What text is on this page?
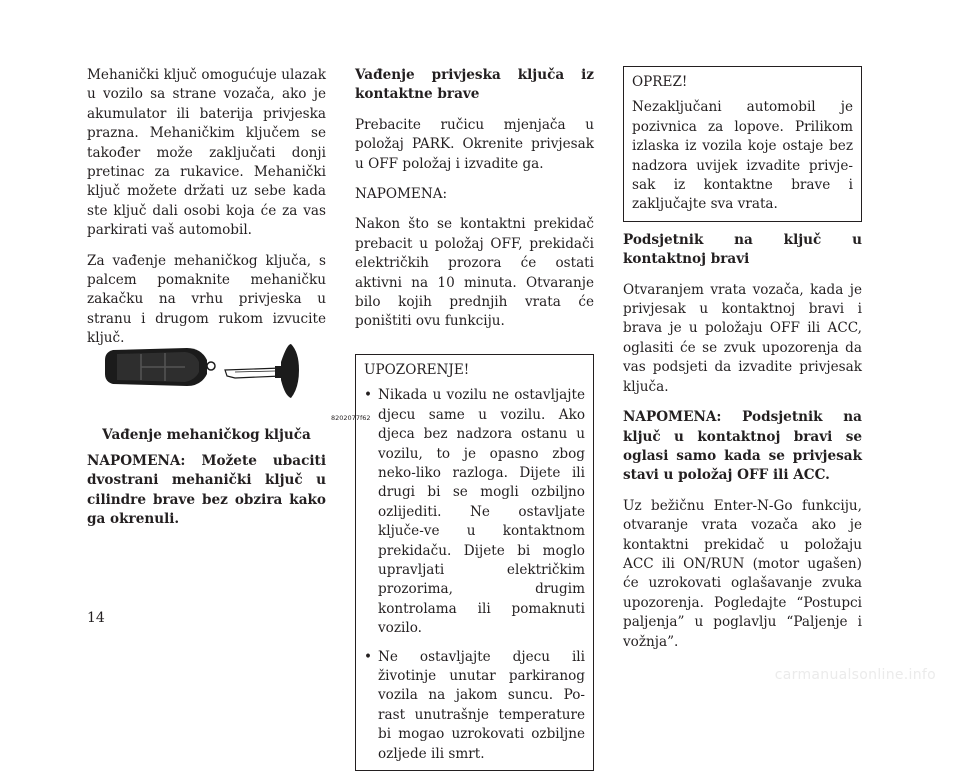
Mehanički ključ omogućuje ulazak u vozilo sa strane vozača, ako je akumulator ili baterija privjeska prazna. Mehaničkim ključem se također može zaključati donji pretinac za rukavice. Mehanički ključ možete držati uz sebe kada ste ključ dali osobi koja će za vas parkirati vaš automobil.

Za vađenje mehaničkog ključa, s palcem pomaknite mehaničku zakačku na vrhu privjeska u stranu i drugom rukom izvucite ključ.

8202077f62
Vađenje mehaničkog ključa

NAPOMENA: Možete ubaciti dvostrani mehanički ključ u cilindre brave bez obzira kako ga okrenuli.

Vađenje privjeska ključa iz kontaktne brave

Prebacite ručicu mjenjača u položaj PARK. Okrenite privjesak u OFF položaj i izvadite ga.

NAPOMENA:

Nakon što se kontaktni prekidač prebacit u položaj OFF, prekidači električkih prozora će ostati aktivni na 10 minuta. Otvaranje bilo kojih prednjih vrata će poništiti ovu funkciju.

UPOZORENJE!

• Nikada u vozilu ne ostavljajte djecu same u vozilu. Ako djeca bez nadzora ostanu u vozilu, to je opasno zbog neko-liko razloga. Dijete ili drugi bi se mogli ozbiljno ozlijediti. Ne ostavljate ključe-ve u kontaktnom prekidaču. Dijete bi moglo upravljati električkim prozorima, drugim kontrolama ili pomaknuti vozilo.
• Ne ostavljajte djecu ili životinje unutar parkiranog vozila na jakom suncu. Po-rast unutrašnje temperature bi mogao uzrokovati ozbiljne ozljede ili smrt.

OPREZ!

Nezaključani automobil je pozivnica za lopove. Prilikom izlaska iz vozila koje ostaje bez nadzora uvijek izvadite privje-sak iz kontaktne brave i zaključajte sva vrata.

Podsjetnik na ključ u kontaktnoj bravi

Otvaranjem vrata vozača, kada je privjesak u kontaktnoj bravi i brava je u položaju OFF ili ACC, oglasiti će se zvuk upozorenja da vas podsjeti da izvadite privjesak ključa.

NAPOMENA: Podsjetnik na ključ u kontaktnoj bravi se oglasi samo kada se privjesak stavi u položaj OFF ili ACC.

Uz bežičnu Enter-N-Go funkciju, otvaranje vrata vozača ako je kontaktni prekidač u položaju ACC ili ON/RUN (motor ugašen) će uzrokovati oglašavanje zvuka upozorenja. Pogledajte “Postupci paljenja” u poglavlju “Paljenje i vožnja”.

14
carmanualsonline.info
